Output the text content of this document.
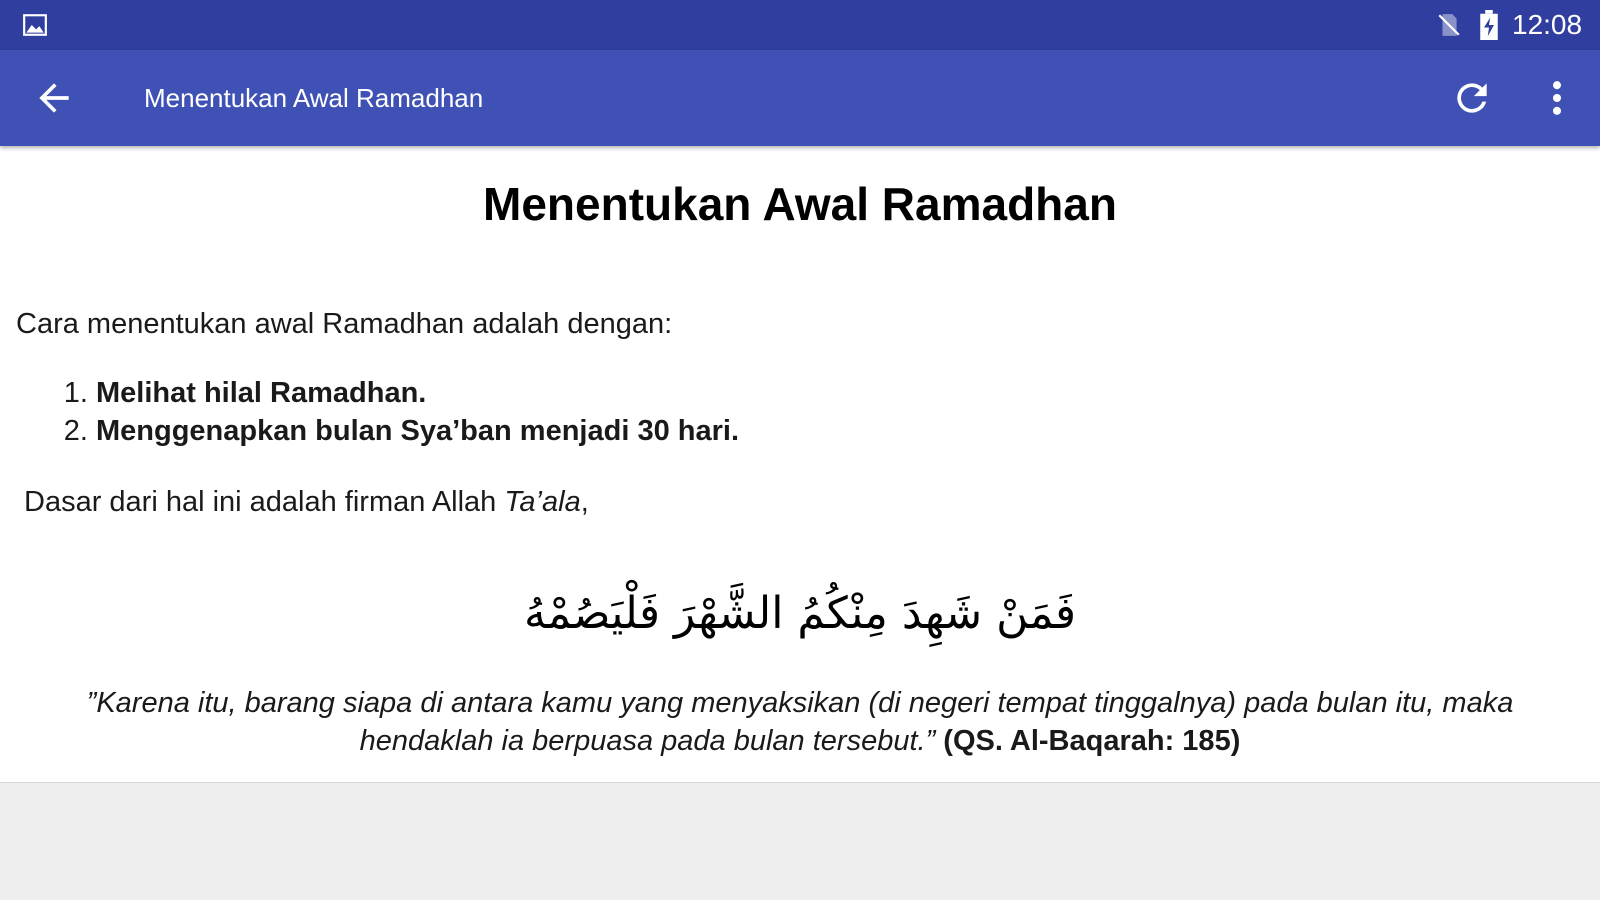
12:08
Menentukan Awal Ramadhan
Menentukan Awal Ramadhan
Cara menentukan awal Ramadhan adalah dengan:
1. Melihat hilal Ramadhan.
2. Menggenapkan bulan Sya’ban menjadi 30 hari.
Dasar dari hal ini adalah firman Allah Ta’ala,
فَمَنْ شَهِدَ مِنْكُمُ الشَّهْرَ فَلْيَصُمْهُ
”Karena itu, barang siapa di antara kamu yang menyaksikan (di negeri tempat tinggalnya) pada bulan itu, maka hendaklah ia berpuasa pada bulan tersebut.” (QS. Al-Baqarah: 185)
